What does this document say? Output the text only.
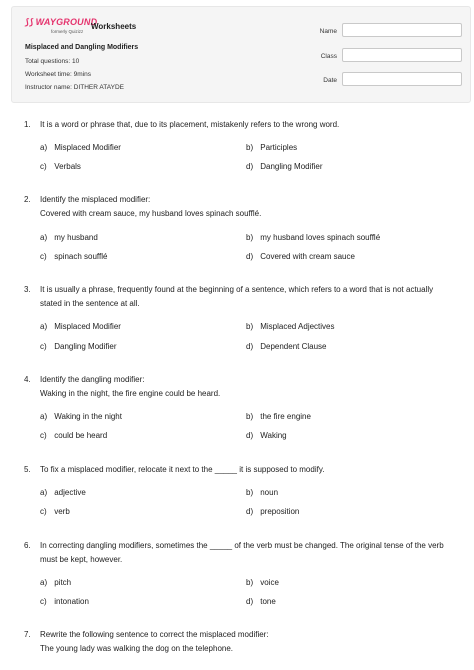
⟆⟆ WAYGROUND
formerly Quizizz
Worksheets
Misplaced and Dangling Modifiers
Total questions: 10
Worksheet time: 9mins
Instructor name: DITHER ATAYDE
Name
Class
Date
1.	It is a word or phrase that, due to its placement, mistakenly refers to the wrong word.
a) Misplaced Modifier	b) Participles
c) Verbals	d) Dangling Modifier
2.	Identify the misplaced modifier:
Covered with cream sauce, my husband loves spinach soufflé.
a) my husband	b) my husband loves spinach soufflé
c) spinach soufflé	d) Covered with cream sauce
3.	It is usually a phrase, frequently found at the beginning of a sentence, which refers to a word that is not actually
stated in the sentence at all.
a) Misplaced Modifier	b) Misplaced Adjectives
c) Dangling Modifier	d) Dependent Clause
4.	Identify the dangling modifier:
Waking in the night, the fire engine could be heard.
a) Waking in the night	b) the fire engine
c) could be heard	d) Waking
5.	To fix a misplaced modifier, relocate it next to the _____ it is supposed to modify.
a) adjective	b) noun
c) verb	d) preposition
6.	In correcting dangling modifiers, sometimes the _____ of the verb must be changed. The original tense of the verb
must be kept, however.
a) pitch	b) voice
c) intonation	d) tone
7.	Rewrite the following sentence to correct the misplaced modifier:
The young lady was walking the dog on the telephone.
